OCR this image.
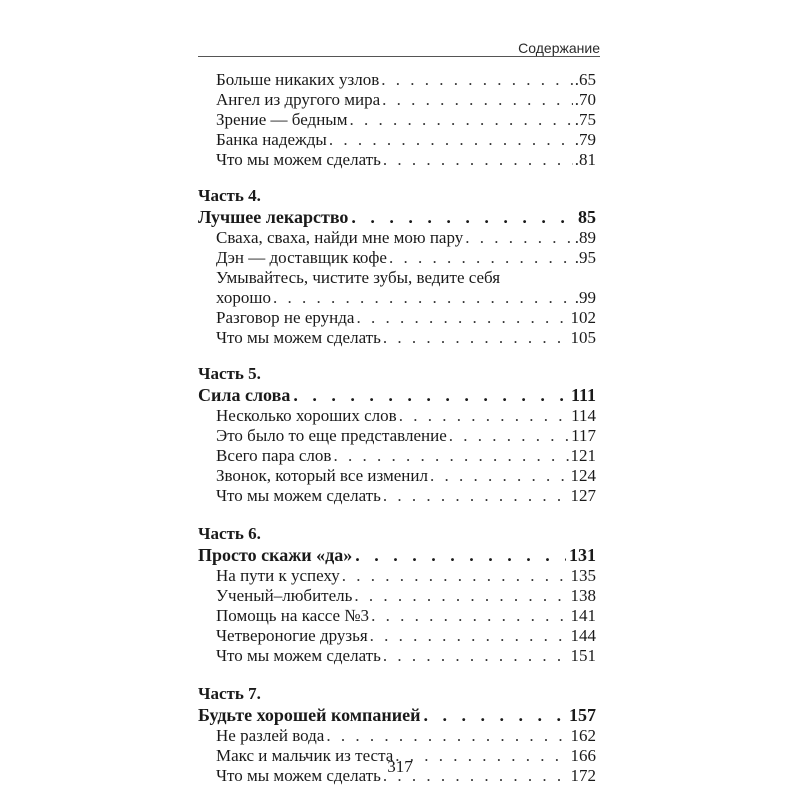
Содержание
Больше никаких узлов . . .	.65
Ангел из другого мира . . .	.70
Зрение — бедным . . .	.75
Банка надежды . . .	.79
Что мы можем сделать . . .	.81
Часть 4.
Лучшее лекарство . . .	85
Сваха, сваха, найди мне мою пару . . .	.89
Дэн — доставщик кофе . . .	.95
Умывайтесь, чистите зубы, ведите себя
хорошо . . .	.99
Разговор не ерунда . . .	102
Что мы можем сделать . . .	105
Часть 5.
Сила слова . . .	111
Несколько хороших слов . . .	114
Это было то еще представление . . .	117
Всего пара слов . . .	121
Звонок, который все изменил . . .	124
Что мы можем сделать . . .	127
Часть 6.
Просто скажи «да» . . .	131
На пути к успеху . . .	135
Ученый–любитель . . .	138
Помощь на кассе №3 . . .	141
Четвероногие друзья . . .	144
Что мы можем сделать . . .	151
Часть 7.
Будьте хорошей компанией . . .	157
Не разлей вода . . .	162
Макс и мальчик из теста . . .	166
Что мы можем сделать . . .	172
317
